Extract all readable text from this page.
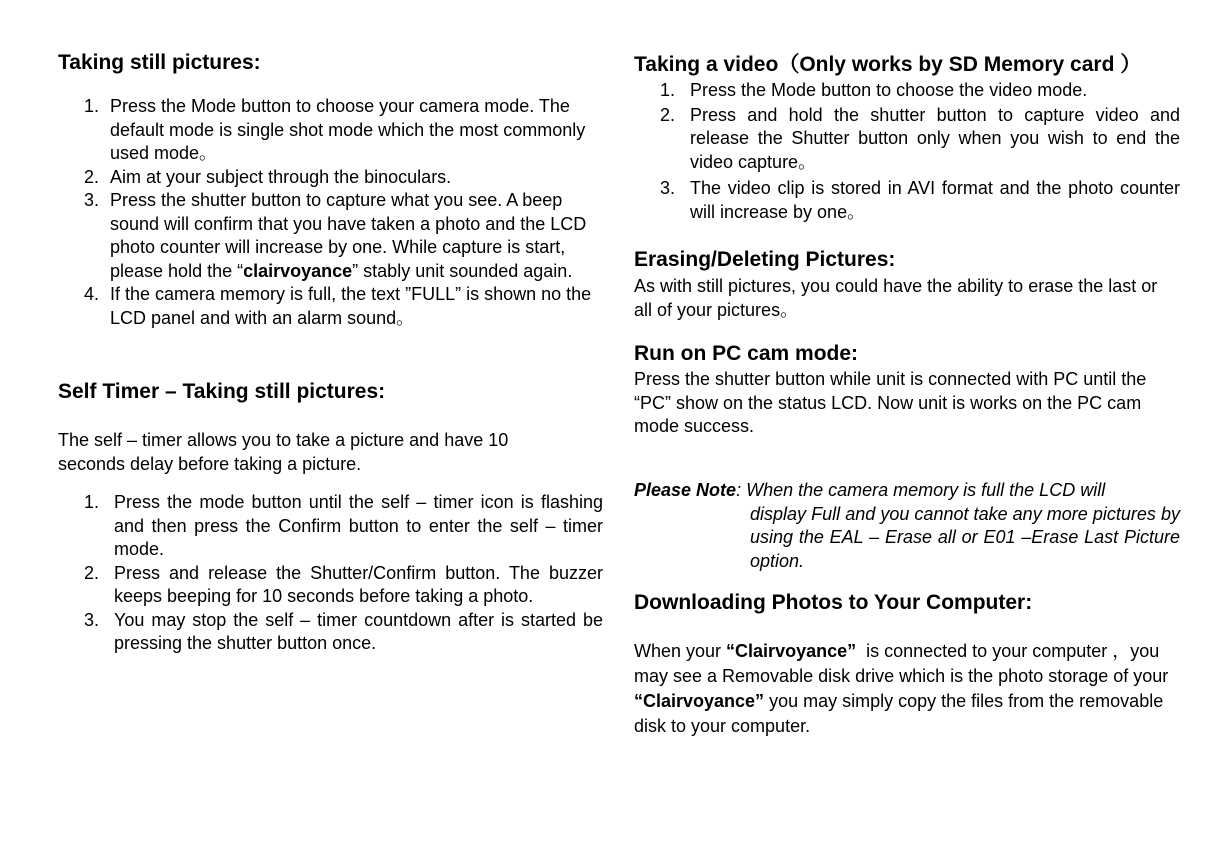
Taking still pictures:
1. Press the Mode button to choose your camera mode. The default mode is single shot mode which the most commonly used mode。
2. Aim at your subject through the binoculars.
3. Press the shutter button to capture what you see. A beep sound will confirm that you have taken a photo and the LCD photo counter will increase by one. While capture is start, please hold the “clairvoyance” stably unit sounded again.
4. If the camera memory is full, the text ”FULL” is shown no the LCD panel and with an alarm sound。
Self Timer – Taking still pictures:

The self – timer allows you to take a picture and have 10 seconds delay before taking a picture.

1. Press the mode button until the self – timer icon is flashing and then press the Confirm button to enter the self – timer mode.
2. Press and release the Shutter/Confirm button. The buzzer keeps beeping for 10 seconds before taking a photo.
3. You may stop the self – timer countdown after is started be pressing the shutter button once.
Taking a video（Only works by SD Memory card ）
1. Press the Mode button to choose the video mode.
2. Press and hold the shutter button to capture video and release the Shutter button only when you wish to end the video capture。
3. The video clip is stored in AVI format and the photo counter will increase by one。
Erasing/Deleting Pictures:

As with still pictures, you could have the ability to erase the last or all of your pictures。

Run on PC cam mode:

Press the shutter button while unit is connected with PC until the “PC” show on the status LCD. Now unit is works on the PC cam mode success.

Please Note: When the camera memory is full the LCD will
display Full and you cannot take any more pictures by using the EAL – Erase all or E01 –Erase Last Picture option.
Downloading Photos to Your Computer:

When your “Clairvoyance”  is connected to your computer ，you may see a Removable disk drive which is the photo storage of your “Clairvoyance” you may simply copy the files from the removable disk to your computer.
